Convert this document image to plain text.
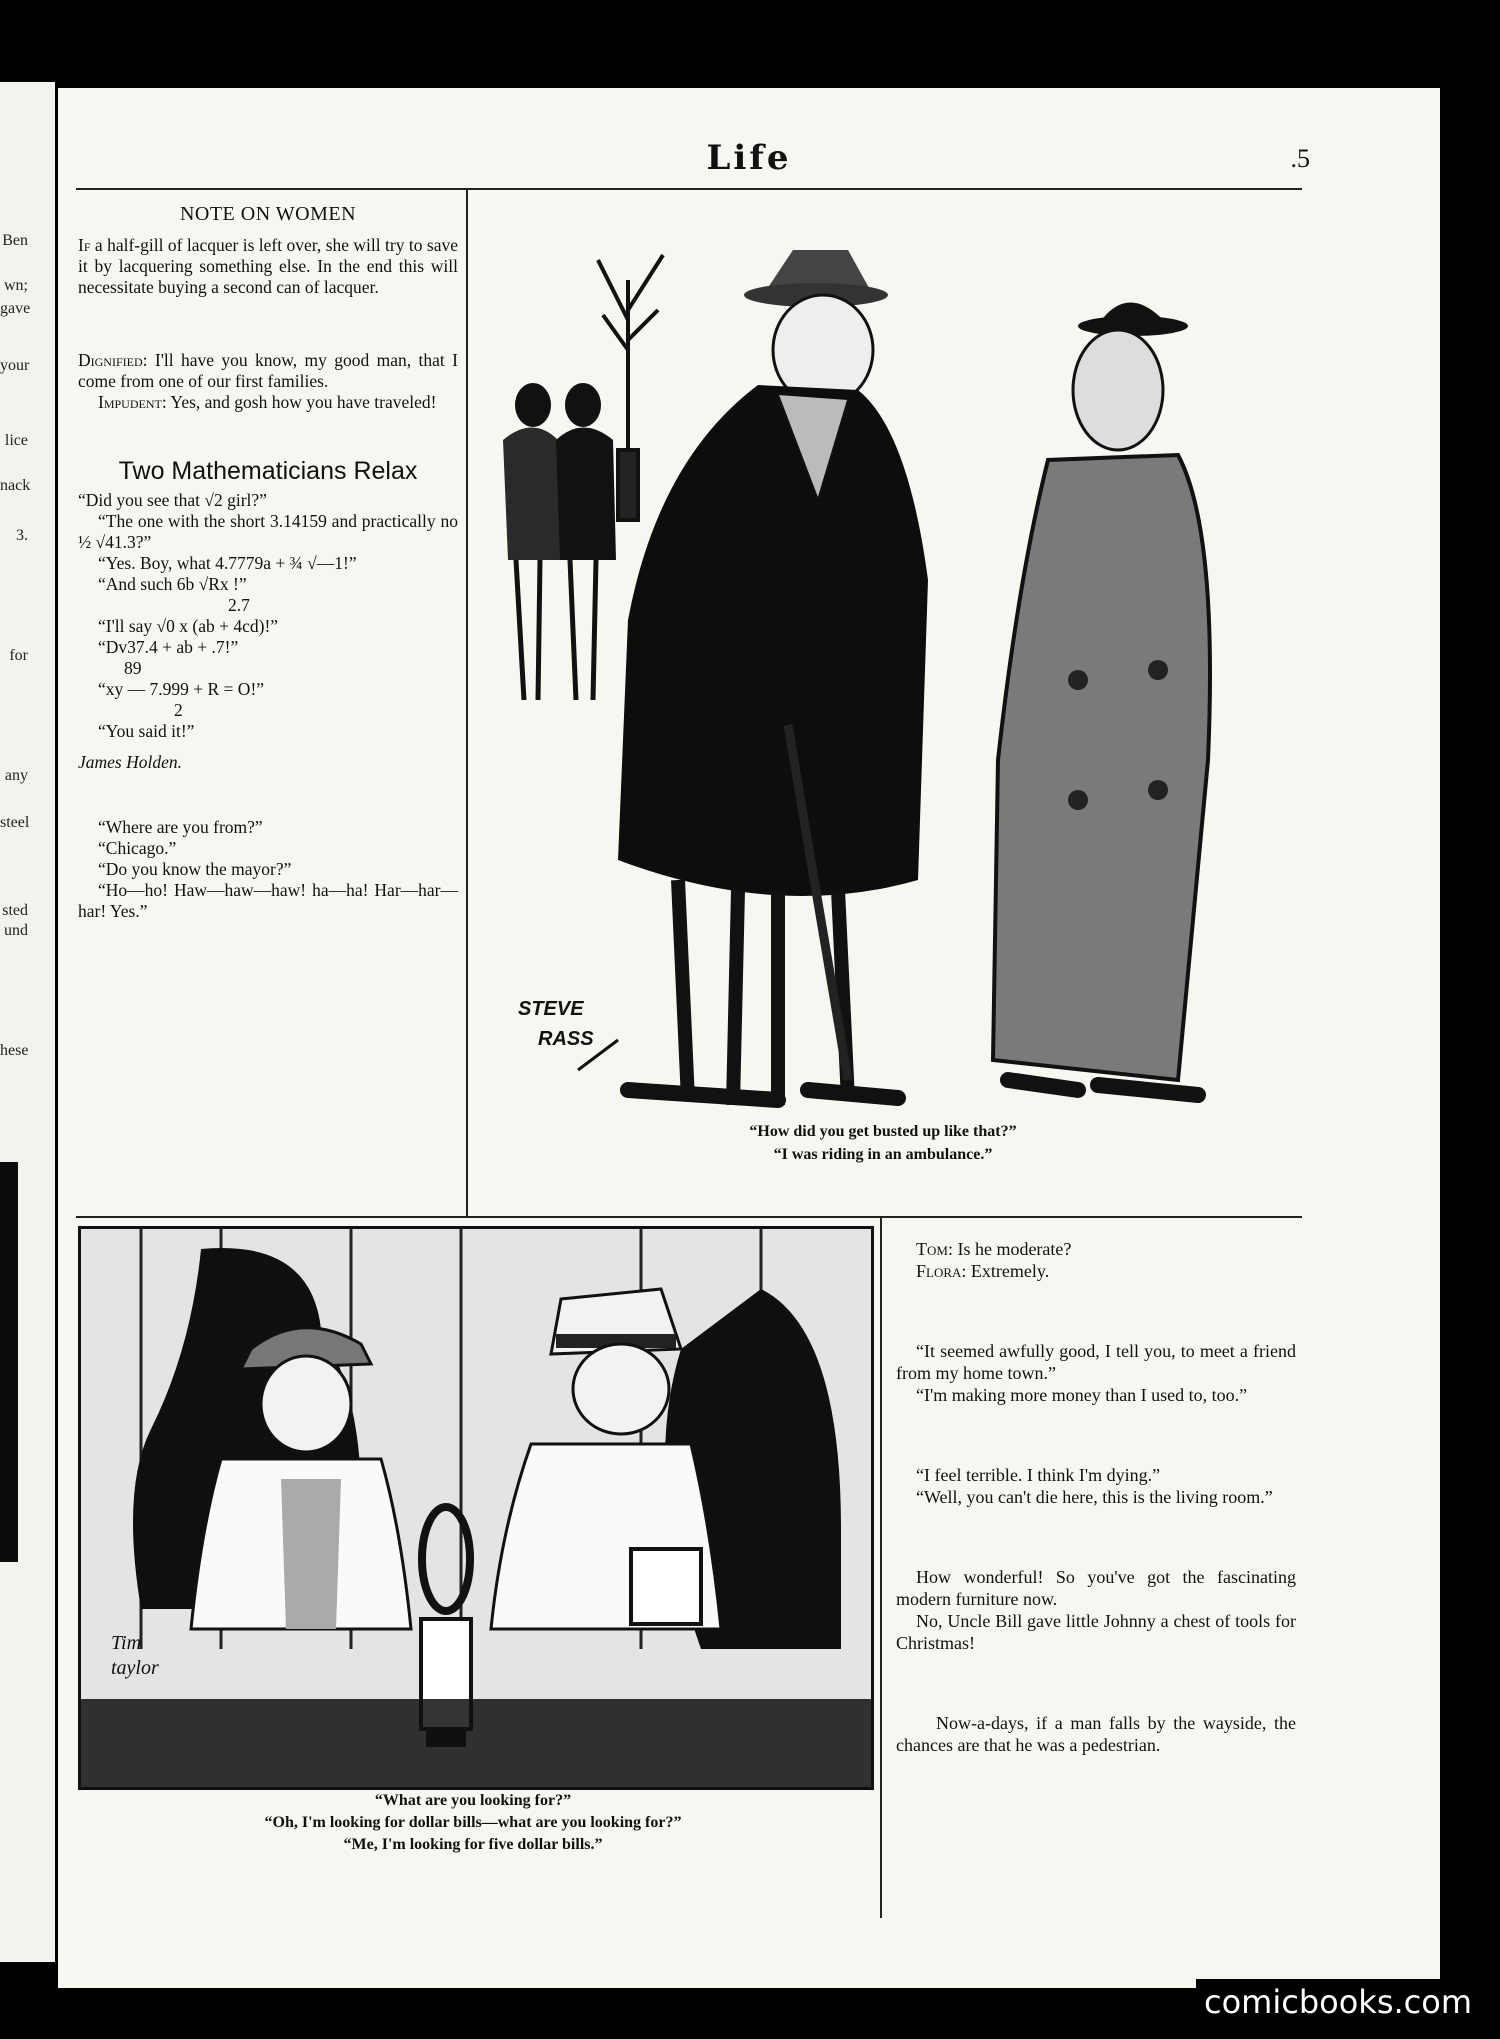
Ben
wn;
gave
your
lice
nack
3.
for
any
steel
sted
und
hese
Life	.5
NOTE ON WOMEN

If a half-gill of lacquer is left over, she will try to save it by lacquering something else. In the end this will necessitate buying a second can of lacquer.

Dignified: I'll have you know, my good man, that I come from one of our first families.

Impudent: Yes, and gosh how you have traveled!

Two Mathematicians Relax

“Did you see that √2 girl?”

“The one with the short 3.14159 and practically no ½ √41.3?”

“Yes. Boy, what 4.7779a + ¾ √—1!”

“And such 6b √Rx !”

2.7

“I'll say √0 x (ab + 4cd)!”

“Dv37.4 + ab + .7!”

89

“xy — 7.999 + R = O!”

2

“You said it!”

James Holden.

“Where are you from?”

“Chicago.”

“Do you know the mayor?”

“Ho—ho! Haw—haw—haw! ha—ha! Har—har—har! Yes.”

STEVE
RASS
“How did you get busted up like that?”
“I was riding in an ambulance.”
Tim
taylor
“What are you looking for?”
“Oh, I'm looking for dollar bills—what are you looking for?”
“Me, I'm looking for five dollar bills.”

Tom: Is he moderate?

Flora: Extremely.

“It seemed awfully good, I tell you, to meet a friend from my home town.”

“I'm making more money than I used to, too.”

“I feel terrible. I think I'm dying.”

“Well, you can't die here, this is the living room.”

How wonderful! So you've got the fascinating modern furniture now.

No, Uncle Bill gave little Johnny a chest of tools for Christmas!

Now-a-days, if a man falls by the wayside, the chances are that he was a pedestrian.

comicbooks.com
